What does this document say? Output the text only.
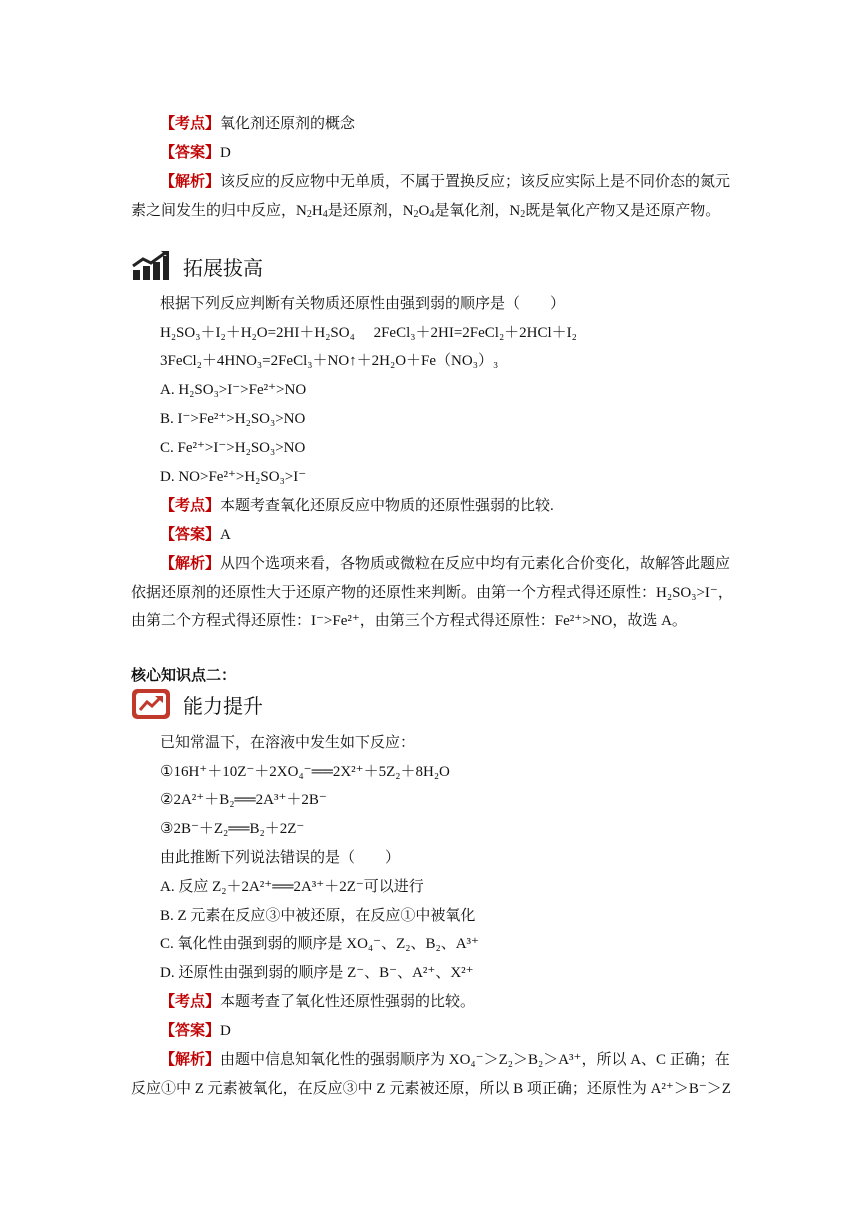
【考点】氧化剂还原剂的概念
【答案】D
【解析】该反应的反应物中无单质，不属于置换反应；该反应实际上是不同价态的氮元
素之间发生的归中反应，$N_2H_4$是还原剂，$N_2O_4$是氧化剂，$N_2$既是氧化产物又是还原产物。
拓展拔高
根据下列反应判断有关物质还原性由强到弱的顺序是（　　）
H₂SO₃＋I₂＋H₂O=2HI＋H₂SO₄　 2FeCl₃＋2HI=2FeCl₂＋2HCl＋I₂
3FeCl₂＋4HNO₃=2FeCl₃＋NO↑＋2H₂O＋Fe（NO₃）₃
A. H₂SO₃>I⁻>Fe²⁺>NO
B. I⁻>Fe²⁺>H₂SO₃>NO
C. Fe²⁺>I⁻>H₂SO₃>NO
D. NO>Fe²⁺>H₂SO₃>I⁻
【考点】本题考查氧化还原反应中物质的还原性强弱的比较.
【答案】A
【解析】从四个选项来看，各物质或微粒在反应中均有元素化合价变化，故解答此题应
依据还原剂的还原性大于还原产物的还原性来判断。由第一个方程式得还原性：H₂SO₃>I⁻，
由第二个方程式得还原性：I⁻>Fe²⁺，由第三个方程式得还原性：Fe²⁺>NO，故选 A。
核心知识点二：
能力提升
已知常温下，在溶液中发生如下反应：
①16H⁺＋10Z⁻＋2XO₄⁻══2X²⁺＋5Z₂＋8H₂O
②2A²⁺＋B₂══2A³⁺＋2B⁻
③2B⁻＋Z₂══B₂＋2Z⁻
由此推断下列说法错误的是（　　）
A. 反应 Z₂＋2A²⁺══2A³⁺＋2Z⁻可以进行
B. Z 元素在反应③中被还原，在反应①中被氧化
C. 氧化性由强到弱的顺序是 XO₄⁻、Z₂、B₂、A³⁺
D. 还原性由强到弱的顺序是 Z⁻、B⁻、A²⁺、X²⁺
【考点】本题考查了氧化性还原性强弱的比较。
【答案】D
【解析】由题中信息知氧化性的强弱顺序为 XO₄⁻＞Z₂＞B₂＞A³⁺，所以 A、C 正确；在
反应①中 Z 元素被氧化，在反应③中 Z 元素被还原，所以 B 项正确；还原性为 A²⁺＞B⁻＞Z
